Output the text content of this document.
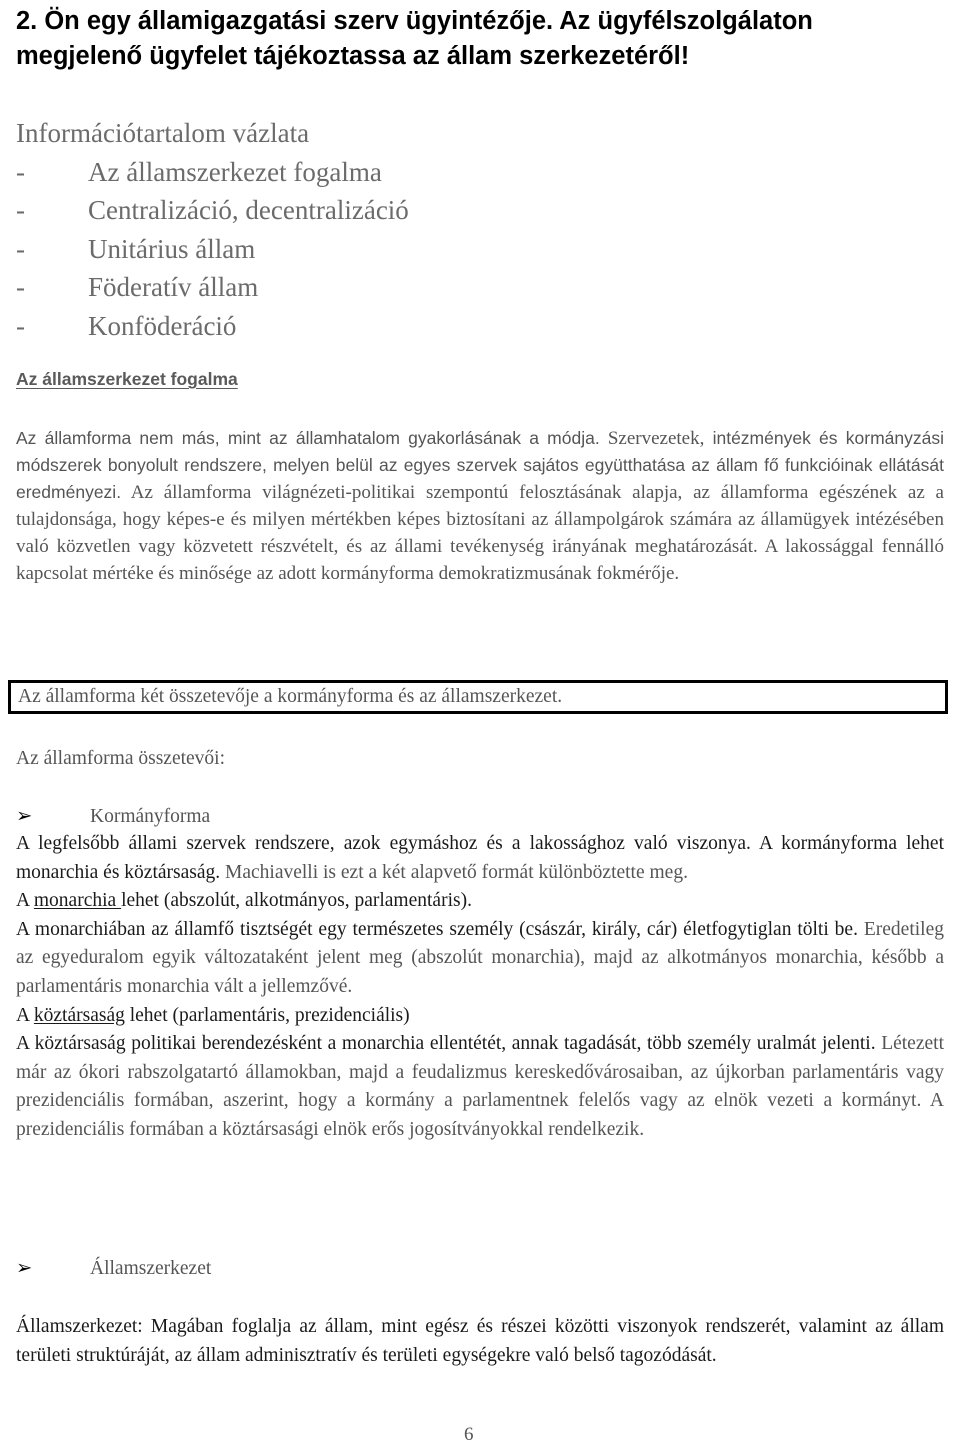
2. Ön egy államigazgatási szerv ügyintézője. Az ügyfélszolgálaton
megjelenő ügyfelet tájékoztassa az állam szerkezetéről!
Információtartalom vázlata
- Az államszerkezet fogalma
- Centralizáció, decentralizáció
- Unitárius állam
- Föderatív állam
- Konföderáció
Az államszerkezet fogalma

Az államforma nem más, mint az államhatalom gyakorlásának a módja. Szervezetek, intézmények és kormányzási módszerek bonyolult rendszere, melyen belül az egyes szervek sajátos együtthatása az állam fő funkcióinak ellátását eredményezi. Az államforma világnézeti-politikai szempontú felosztásának alapja, az államforma egészének az a tulajdonsága, hogy képes-e és milyen mértékben képes biztosítani az állampolgárok számára az államügyek intézésében való közvetlen vagy közvetett részvételt, és az állami tevékenység irányának meghatározását. A lakossággal fennálló kapcsolat mértéke és minősége az adott kormányforma demokratizmusának fokmérője.

Az államforma két összetevője a kormányforma és az államszerkezet.

Az államforma összetevői:

➢	Kormányforma

A legfelsőbb állami szervek rendszere, azok egymáshoz és a lakossághoz való viszonya. A kormányforma lehet monarchia és köztársaság. Machiavelli is ezt a két alapvető formát különböztette meg.
A monarchia lehet (abszolút, alkotmányos, parlamentáris).
A monarchiában az államfő tisztségét egy természetes személy (császár, király, cár) életfogytiglan tölti be. Eredetileg az egyeduralom egyik változataként jelent meg (abszolút monarchia), majd az alkotmányos monarchia, később a parlamentáris monarchia vált a jellemzővé.
A köztársaság lehet (parlamentáris, prezidenciális)
A köztársaság politikai berendezésként a monarchia ellentétét, annak tagadását, több személy uralmát jelenti. Létezett már az ókori rabszolgatartó államokban, majd a feudalizmus kereskedővárosaiban, az újkorban parlamentáris vagy prezidenciális formában, aszerint, hogy a kormány a parlamentnek felelős vagy az elnök vezeti a kormányt. A prezidenciális formában a köztársasági elnök erős jogosítványokkal rendelkezik.

➢	Államszerkezet

Államszerkezet: Magában foglalja az állam, mint egész és részei közötti viszonyok rendszerét, valamint az állam területi struktúráját, az állam adminisztratív és területi egységekre való belső tagozódását.

6
